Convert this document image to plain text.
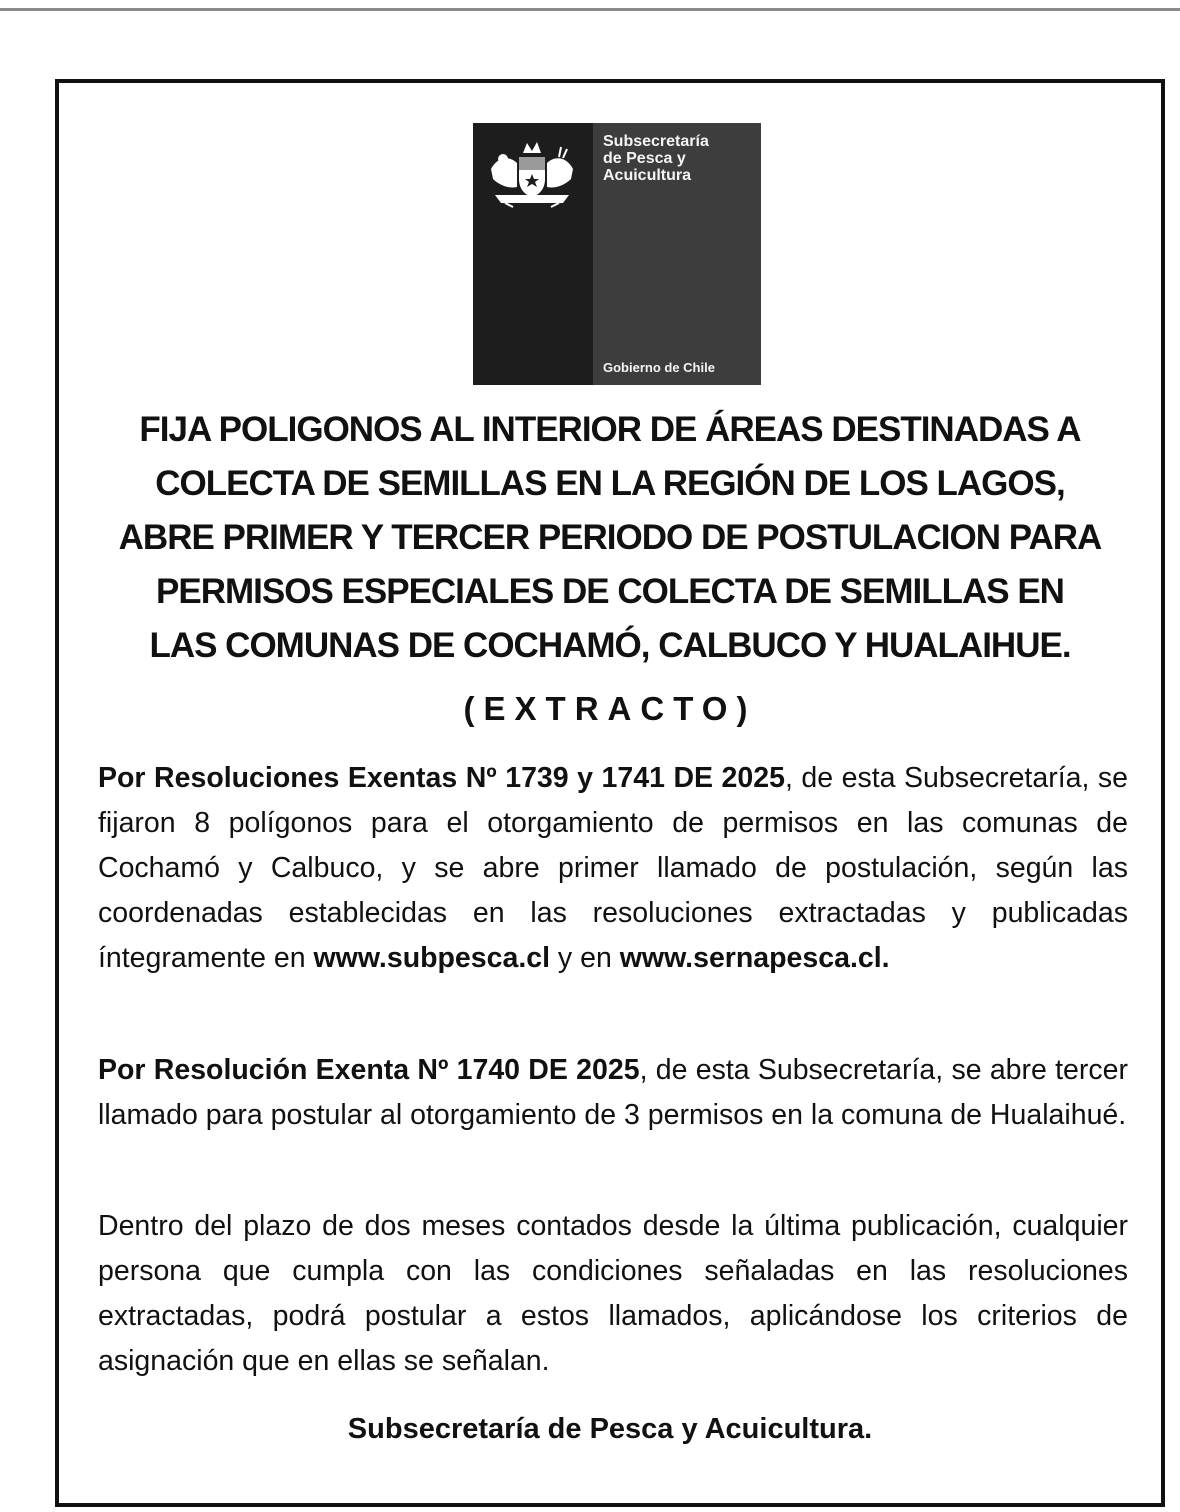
Subsecretaría
de Pesca y
Acuicultura
Gobierno de Chile
FIJA POLIGONOS AL INTERIOR DE ÁREAS DESTINADAS A
COLECTA DE SEMILLAS EN LA REGIÓN DE LOS LAGOS,
ABRE PRIMER Y TERCER PERIODO DE POSTULACION PARA
PERMISOS ESPECIALES DE COLECTA DE SEMILLAS EN
LAS COMUNAS DE COCHAMÓ, CALBUCO Y HUALAIHUE.
(EXTRACTO)

Por Resoluciones Exentas Nº 1739 y 1741 DE 2025, de esta Subsecretaría, se fijaron 8 polígonos para el otorgamiento de permisos en las comunas de Cochamó y Calbuco, y se abre primer llamado de postulación, según las coordenadas establecidas en las resoluciones extractadas y publicadas íntegramente en www.subpesca.cl y en www.sernapesca.cl.

Por Resolución Exenta Nº 1740 DE 2025, de esta Subsecretaría, se abre tercer llamado para postular al otorgamiento de 3 permisos en la comuna de Hualaihué.

Dentro del plazo de dos meses contados desde la última publicación, cualquier persona que cumpla con las condiciones señaladas en las resoluciones extractadas, podrá postular a estos llamados, aplicándose los criterios de asignación que en ellas se señalan.

Subsecretaría de Pesca y Acuicultura.
